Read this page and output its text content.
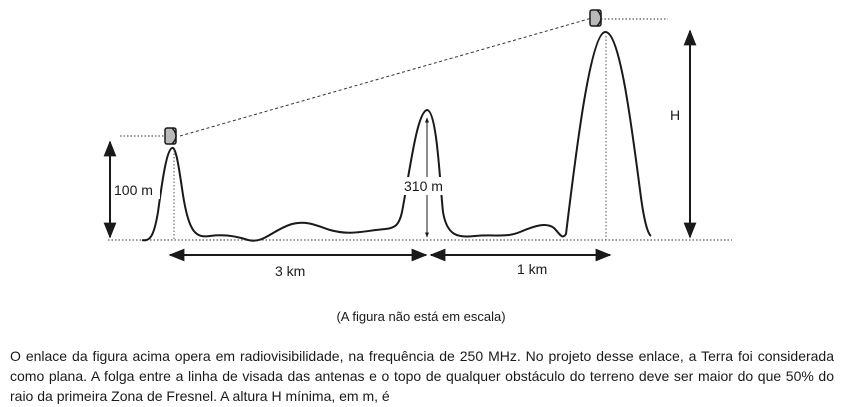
100 m	310 m
H
3 km	1 km
(A figura não está em escala)
O enlace da figura acima opera em radiovisibilidade, na frequência de 250 MHz. No projeto desse enlace, a Terra foi considerada como plana. A folga entre a linha de visada das antenas e o topo de qualquer obstáculo do terreno deve ser maior do que 50% do raio da primeira Zona de Fresnel. A altura H mínima, em m, é
